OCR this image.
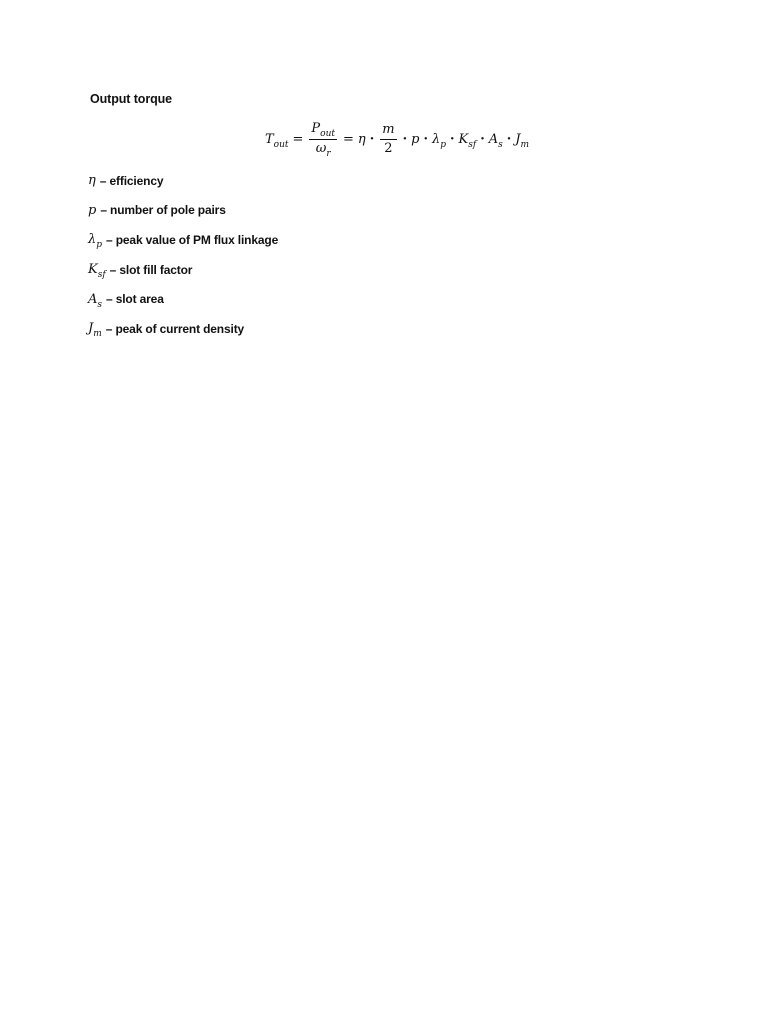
Output torque
$T_{out} = \frac{P_{out}}{\omega_r} = \eta \cdot \frac{m}{2} \cdot p \cdot \lambda_p \cdot K_{sf} \cdot A_s \cdot J_m$
η – efficiency
p – number of pole pairs
$\lambda_p$ – peak value of PM flux linkage
$K_{sf}$ – slot fill factor
$A_s$ – slot area
$J_m$ – peak of current density
